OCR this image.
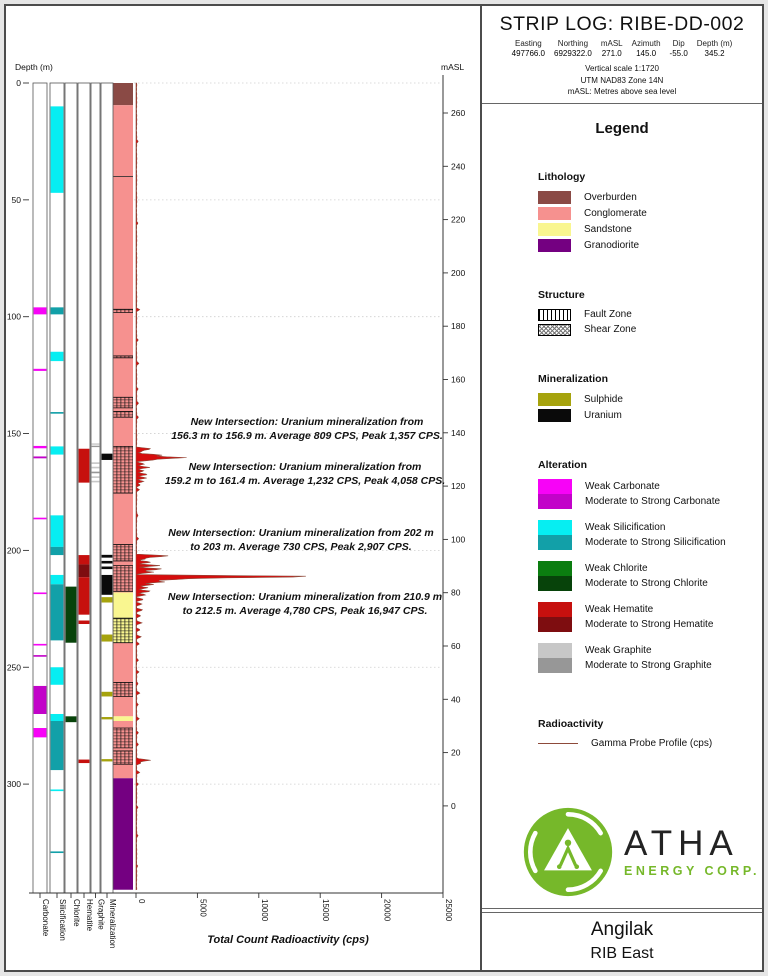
0
50
100
150
200
250
300
Depth (m)
260
240
220
200
180
160
140
120
100
80
60
40
20
0
mASL
0	5000	10000	15000	20000	25000
Carbonate Silicification Chlorite Hematite Graphite Mineralization	Total Count Radioactivity (cps)
New Intersection: Uranium mineralization from
156.3 m to 156.9 m. Average 809 CPS, Peak 1,357 CPS.
New Intersection: Uranium mineralization from
159.2 m to 161.4 m. Average 1,232 CPS, Peak 4,058 CPS.
New Intersection: Uranium mineralization from 202 m
to 203 m. Average 730 CPS, Peak 2,907 CPS.
New Intersection: Uranium mineralization from 210.9 m
to 212.5 m. Average 4,780 CPS, Peak 16,947 CPS.
STRIP LOG: RIBE-DD-002
Easting
497766.0
Northing
6929322.0
mASL
271.0
Azimuth
145.0
Dip
-55.0
Depth (m)
345.2
Vertical scale 1:1720
UTM NAD83 Zone 14N
mASL: Metres above sea level
Legend
Lithology
Overburden
Conglomerate
Sandstone
Granodiorite
Structure
Fault Zone
Shear Zone
Mineralization
Sulphide
Uranium
Alteration
Weak Carbonate
Moderate to Strong Carbonate
Weak Silicification
Moderate to Strong Silicification
Weak Chlorite
Moderate to Strong Chlorite
Weak Hematite
Moderate to Strong Hematite
Weak Graphite
Moderate to Strong Graphite
Radioactivity
Gamma Probe Profile (cps)
ATHA
ENERGY CORP.
Angilak
RIB East
